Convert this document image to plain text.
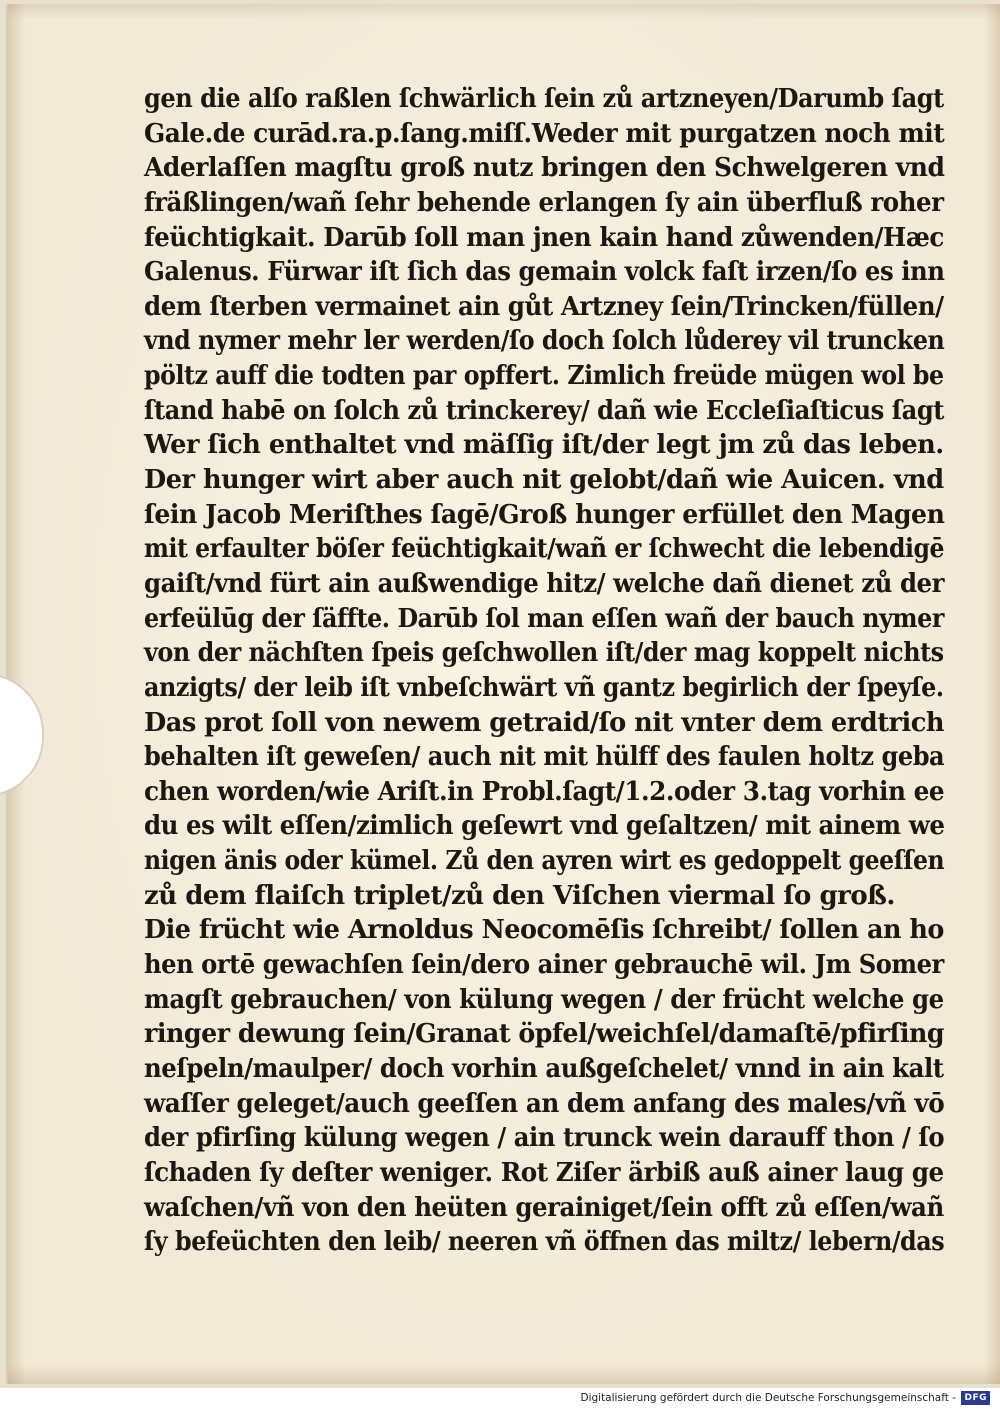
gen die alſo raßlen ſchwärlich ſein zů artzneyen/Darumb ſagt
Gale.de curād.ra.p.ſang.miſſ.Weder mit purgatzen noch mit
Aderlaſſen magſtu groß nutz bringen den Schwelgeren vnd
fräßlingen/wañ ſehr behende erlangen ſy ain überfluß roher
feüchtigkait. Darūb ſoll man jnen kain hand zůwenden/Hæc
Galenus. Fürwar iſt ſich das gemain volck faſt irzen/ſo es inn
dem ſterben vermainet ain gůt Artzney ſein/Trincken/füllen/
vnd nymer mehr ler werden/ſo doch ſolch lůderey vil truncken
pöltz auff die todten par opffert. Zimlich freüde mügen wol be
ſtand habē on ſolch zů trinckerey/ dañ wie Eccleſiaſticus ſagt
Wer ſich enthaltet vnd mäſſig iſt/der legt jm zů das leben.
Der hunger wirt aber auch nit gelobt/dañ wie Auicen. vnd
ſein Jacob Meriſthes ſagē/Groß hunger erfüllet den Magen
mit erfaulter böſer feüchtigkait/wañ er ſchwecht die lebendigē
gaiſt/vnd fürt ain außwendige hitz/ welche dañ dienet zů der
erfeülūg der ſäffte. Darūb ſol man eſſen wañ der bauch nymer
von der nächſten ſpeis geſchwollen iſt/der mag koppelt nichts
anzigts/ der leib iſt vnbeſchwärt vñ gantz begirlich der ſpeyſe.
Das prot ſoll von newem getraid/ſo nit vnter dem erdtrich
behalten iſt geweſen/ auch nit mit hülff des faulen holtz geba
chen worden/wie Ariſt.in Probl.ſagt/1.2.oder 3.tag vorhin ee
du es wilt eſſen/zimlich geſewrt vnd geſaltzen/ mit ainem we
nigen änis oder kümel. Zů den ayren wirt es gedoppelt geeſſen
zů dem flaiſch triplet/zů den Viſchen viermal ſo groß.
Die frücht wie Arnoldus Neocomēſis ſchreibt/ ſollen an ho
hen ortē gewachſen ſein/dero ainer gebrauchē wil. Jm Somer
magſt gebrauchen/ von külung wegen / der frücht welche ge
ringer dewung ſein/Granat öpfel/weichſel/damaſtē/pfirſing
neſpeln/maulper/ doch vorhin außgeſchelet/ vnnd in ain kalt
waſſer geleget/auch geeſſen an dem anfang des males/vñ vō
der pfirſing külung wegen / ain trunck wein darauff thon / ſo
ſchaden ſy deſter weniger. Rot Ziſer ärbiß auß ainer laug ge
waſchen/vñ von den heüten gerainiget/ſein offt zů eſſen/wañ
ſy befeüchten den leib/ neeren vñ öffnen das miltz/ lebern/das
Digitalisierung gefördert durch die Deutsche Forschungsgemeinschaft - DFG
